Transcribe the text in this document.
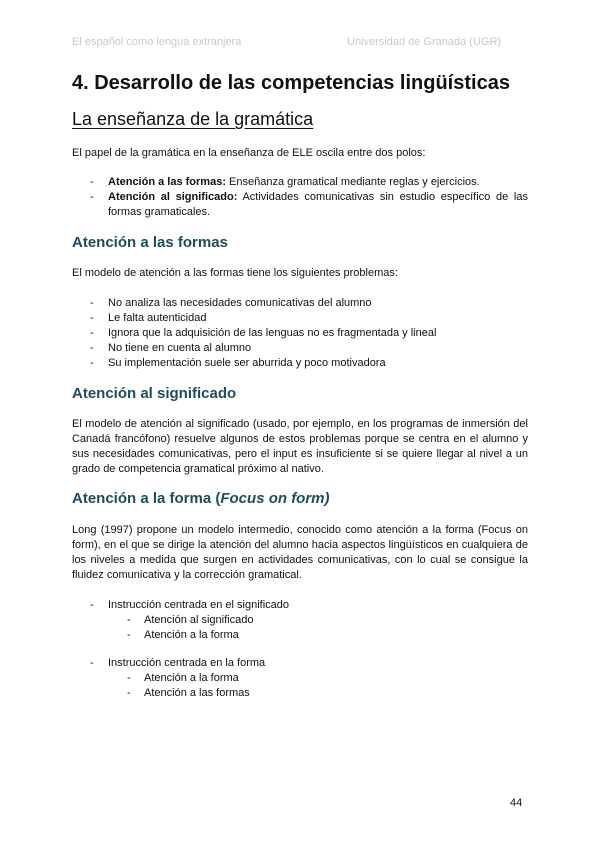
El español como lengua extranjera	Universidad de Granada (UGR)
4. Desarrollo de las competencias lingüísticas
La enseñanza de la gramática
El papel de la gramática en la enseñanza de ELE oscila entre dos polos:
- Atención a las formas: Enseñanza gramatical mediante reglas y ejercicios.
- Atención al significado: Actividades comunicativas sin estudio específico de las formas gramaticales.
Atención a las formas
El modelo de atención a las formas tiene los siguientes problemas:
- No analiza las necesidades comunicativas del alumno
- Le falta autenticidad
- Ignora que la adquisición de las lenguas no es fragmentada y lineal
- No tiene en cuenta al alumno
- Su implementación suele ser aburrida y poco motivadora
Atención al significado
El modelo de atención al significado (usado, por ejemplo, en los programas de inmersión del Canadá francófono) resuelve algunos de estos problemas porque se centra en el alumno y sus necesidades comunicativas, pero el input es insuficiente si se quiere llegar al nivel a un grado de competencia gramatical próximo al nativo.
Atención a la forma (Focus on form)
Long (1997) propone un modelo intermedio, conocido como atención a la forma (Focus on form), en el que se dirige la atención del alumno hacia aspectos lingüísticos en cualquiera de los niveles a medida que surgen en actividades comunicativas, con lo cual se consigue la fluidez comunicativa y la corrección gramatical.
- Instrucción centrada en el significado
- Atención al significado
- Atención a la forma
- Instrucción centrada en la forma
- Atención a la forma
- Atención a las formas
44
